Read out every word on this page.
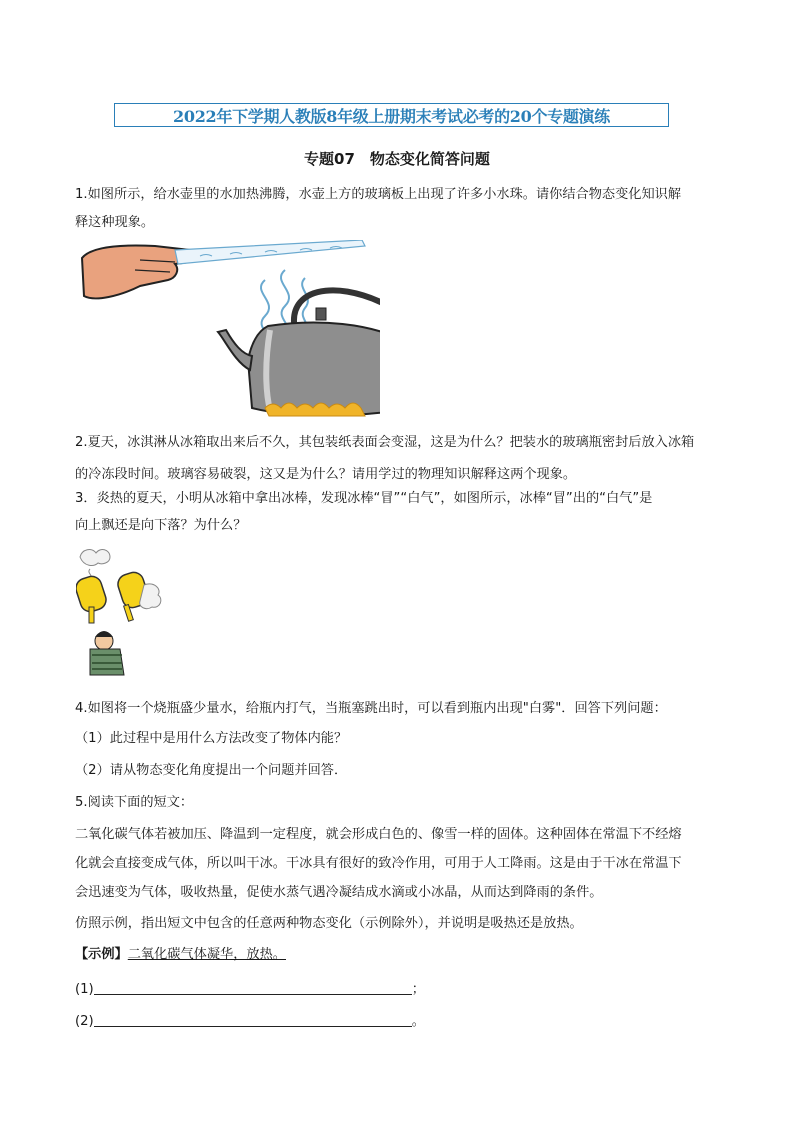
2022年下学期人教版8年级上册期末考试必考的20个专题演练
专题07　物态变化简答问题
1.如图所示，给水壶里的水加热沸腾，水壶上方的玻璃板上出现了许多小水珠。请你结合物态变化知识解
释这种现象。
2.夏天，冰淇淋从冰箱取出来后不久，其包装纸表面会变湿，这是为什么？把装水的玻璃瓶密封后放入冰箱
的冷冻段时间。玻璃容易破裂，这又是为什么？请用学过的物理知识解释这两个现象。
3．炎热的夏天，小明从冰箱中拿出冰棒，发现冰棒“冒”“白气”，如图所示，冰棒“冒”出的“白气”是
向上飘还是向下落？为什么？
4.如图将一个烧瓶盛少量水，给瓶内打气，当瓶塞跳出时，可以看到瓶内出现"白雾"．回答下列问题：
（1）此过程中是用什么方法改变了物体内能？
（2）请从物态变化角度提出一个问题并回答．
5.阅读下面的短文：
二氧化碳气体若被加压、降温到一定程度，就会形成白色的、像雪一样的固体。这种固体在常温下不经熔
化就会直接变成气体，所以叫干冰。干冰具有很好的致冷作用，可用于人工降雨。这是由于干冰在常温下
会迅速变为气体，吸收热量，促使水蒸气遇冷凝结成水滴或小冰晶，从而达到降雨的条件。
仿照示例，指出短文中包含的任意两种物态变化（示例除外），并说明是吸热还是放热。
【示例】二氧化碳气体凝华，放热。
(1)	；
(2)	。
